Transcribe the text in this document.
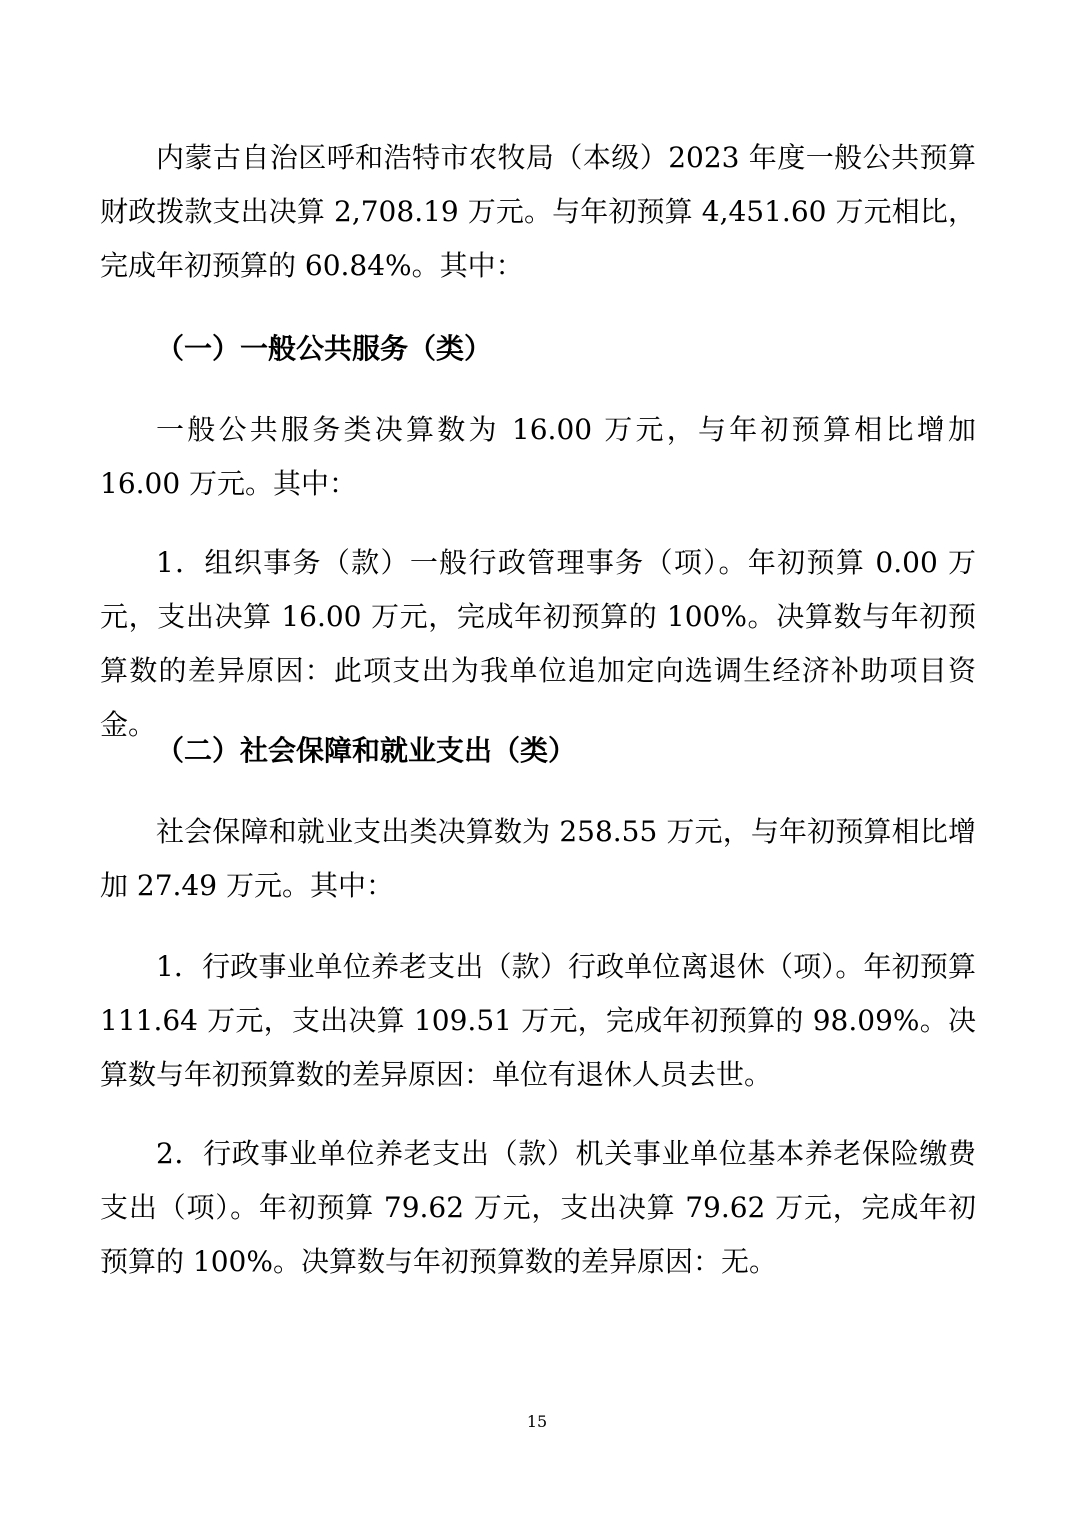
内蒙古自治区呼和浩特市农牧局（本级）2023 年度一般公共预算财政拨款支出决算 2,708.19 万元。与年初预算 4,451.60 万元相比，完成年初预算的 60.84%。其中：

（一）一般公共服务（类）

一般公共服务类决算数为 16.00 万元，与年初预算相比增加 16.00 万元。其中：

1．组织事务（款）一般行政管理事务（项）。年初预算 0.00 万元，支出决算 16.00 万元，完成年初预算的 100%。决算数与年初预算数的差异原因：此项支出为我单位追加定向选调生经济补助项目资金。

（二）社会保障和就业支出（类）

社会保障和就业支出类决算数为 258.55 万元，与年初预算相比增加 27.49 万元。其中：

1．行政事业单位养老支出（款）行政单位离退休（项）。年初预算 111.64 万元，支出决算 109.51 万元，完成年初预算的 98.09%。决算数与年初预算数的差异原因：单位有退休人员去世。

2．行政事业单位养老支出（款）机关事业单位基本养老保险缴费支出（项）。年初预算 79.62 万元，支出决算 79.62 万元，完成年初预算的 100%。决算数与年初预算数的差异原因：无。

15
